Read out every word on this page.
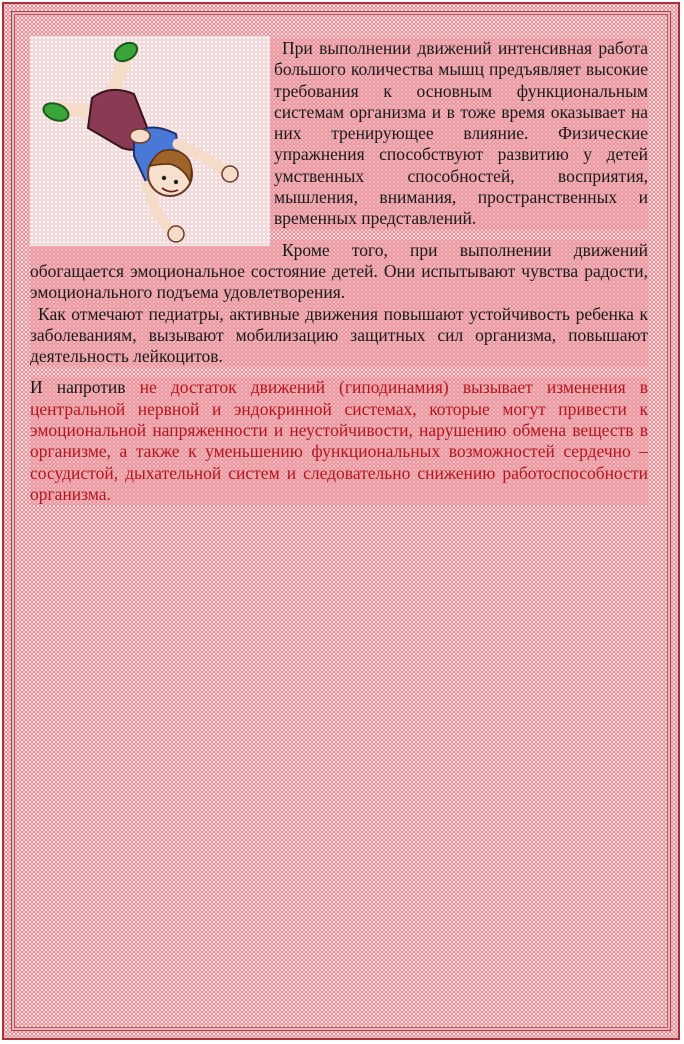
При выполнении движений интенсивная работа большого количества мышц предъявляет высокие требования к основным функциональным системам организма и в тоже время оказывает на них тренирующее влияние. Физические упражнения способствуют развитию у детей умственных способностей, восприятия, мышления, внимания, пространственных и временных представлений.

Кроме того, при выполнении движений обогащается эмоциональное состояние детей. Они испытывают чувства радости, эмоционального подъема удовлетворения.

Как отмечают педиатры, активные движения повышают устойчивость ребенка к заболеваниям, вызывают мобилизацию защитных сил организма, повышают деятельность лейкоцитов.

И напротив не достаток движений (гиподинамия) вызывает изменения в центральной нервной и эндокринной системах, которые могут привести к эмоциональной напряженности и неустойчивости, нарушению обмена веществ в организме, а также к уменьшению функциональных возможностей сердечно – сосудистой, дыхательной систем и следовательно снижению работоспособности организма.
